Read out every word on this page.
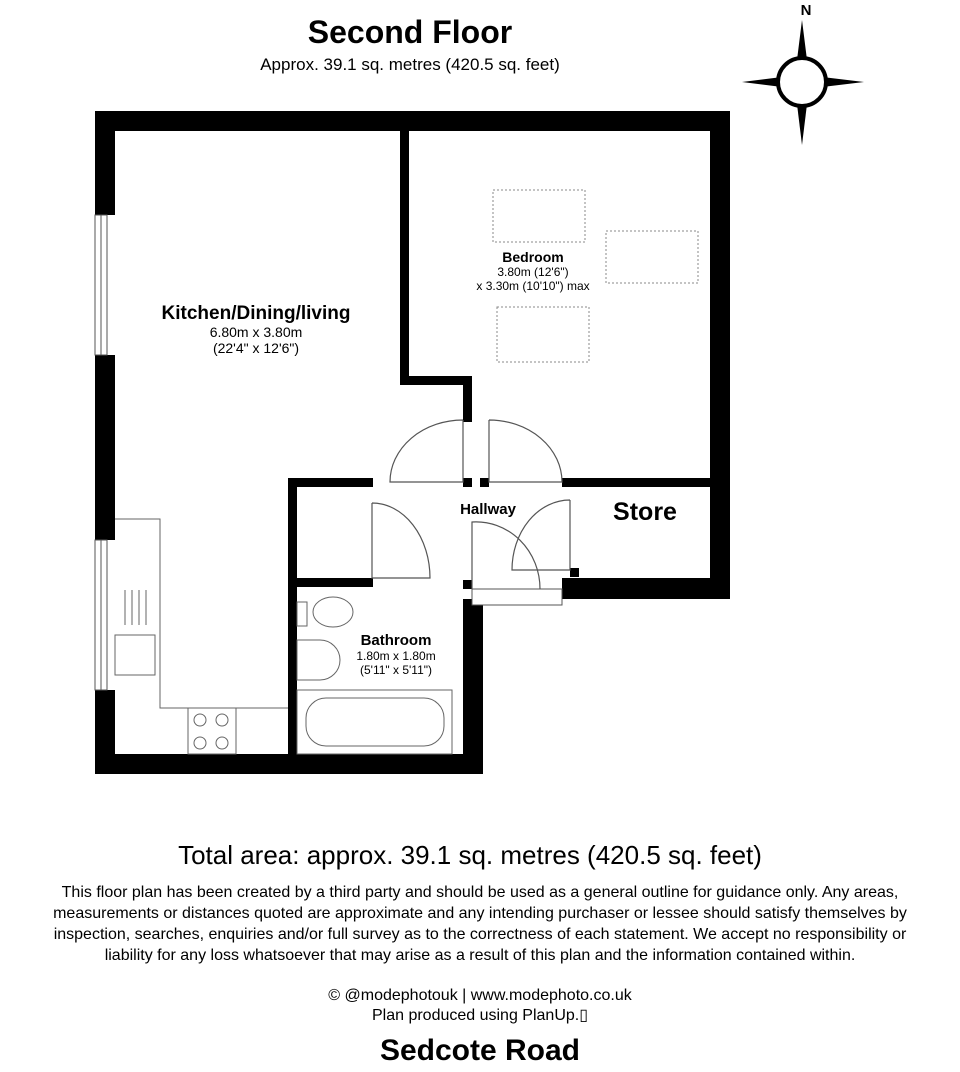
Second Floor
Approx. 39.1 sq. metres (420.5 sq. feet)
Kitchen/Dining/living
6.80m x 3.80m
(22'4" x 12'6")
Bedroom
3.80m (12'6")
x 3.30m (10'10") max
Hallway	Store
Bathroom
1.80m x 1.80m
(5'11" x 5'11")
N
Total area: approx. 39.1 sq. metres (420.5 sq. feet)
This floor plan has been created by a third party and should be used as a general outline for guidance only. Any areas,
measurements or distances quoted are approximate and any intending purchaser or lessee should satisfy themselves by
inspection, searches, enquiries and/or full survey as to the correctness of each statement. We accept no responsibility or
liability for any loss whatsoever that may arise as a result of this plan and the information contained within.
© @modephotouk | www.modephoto.co.uk
Plan produced using PlanUp.▯
Sedcote Road
